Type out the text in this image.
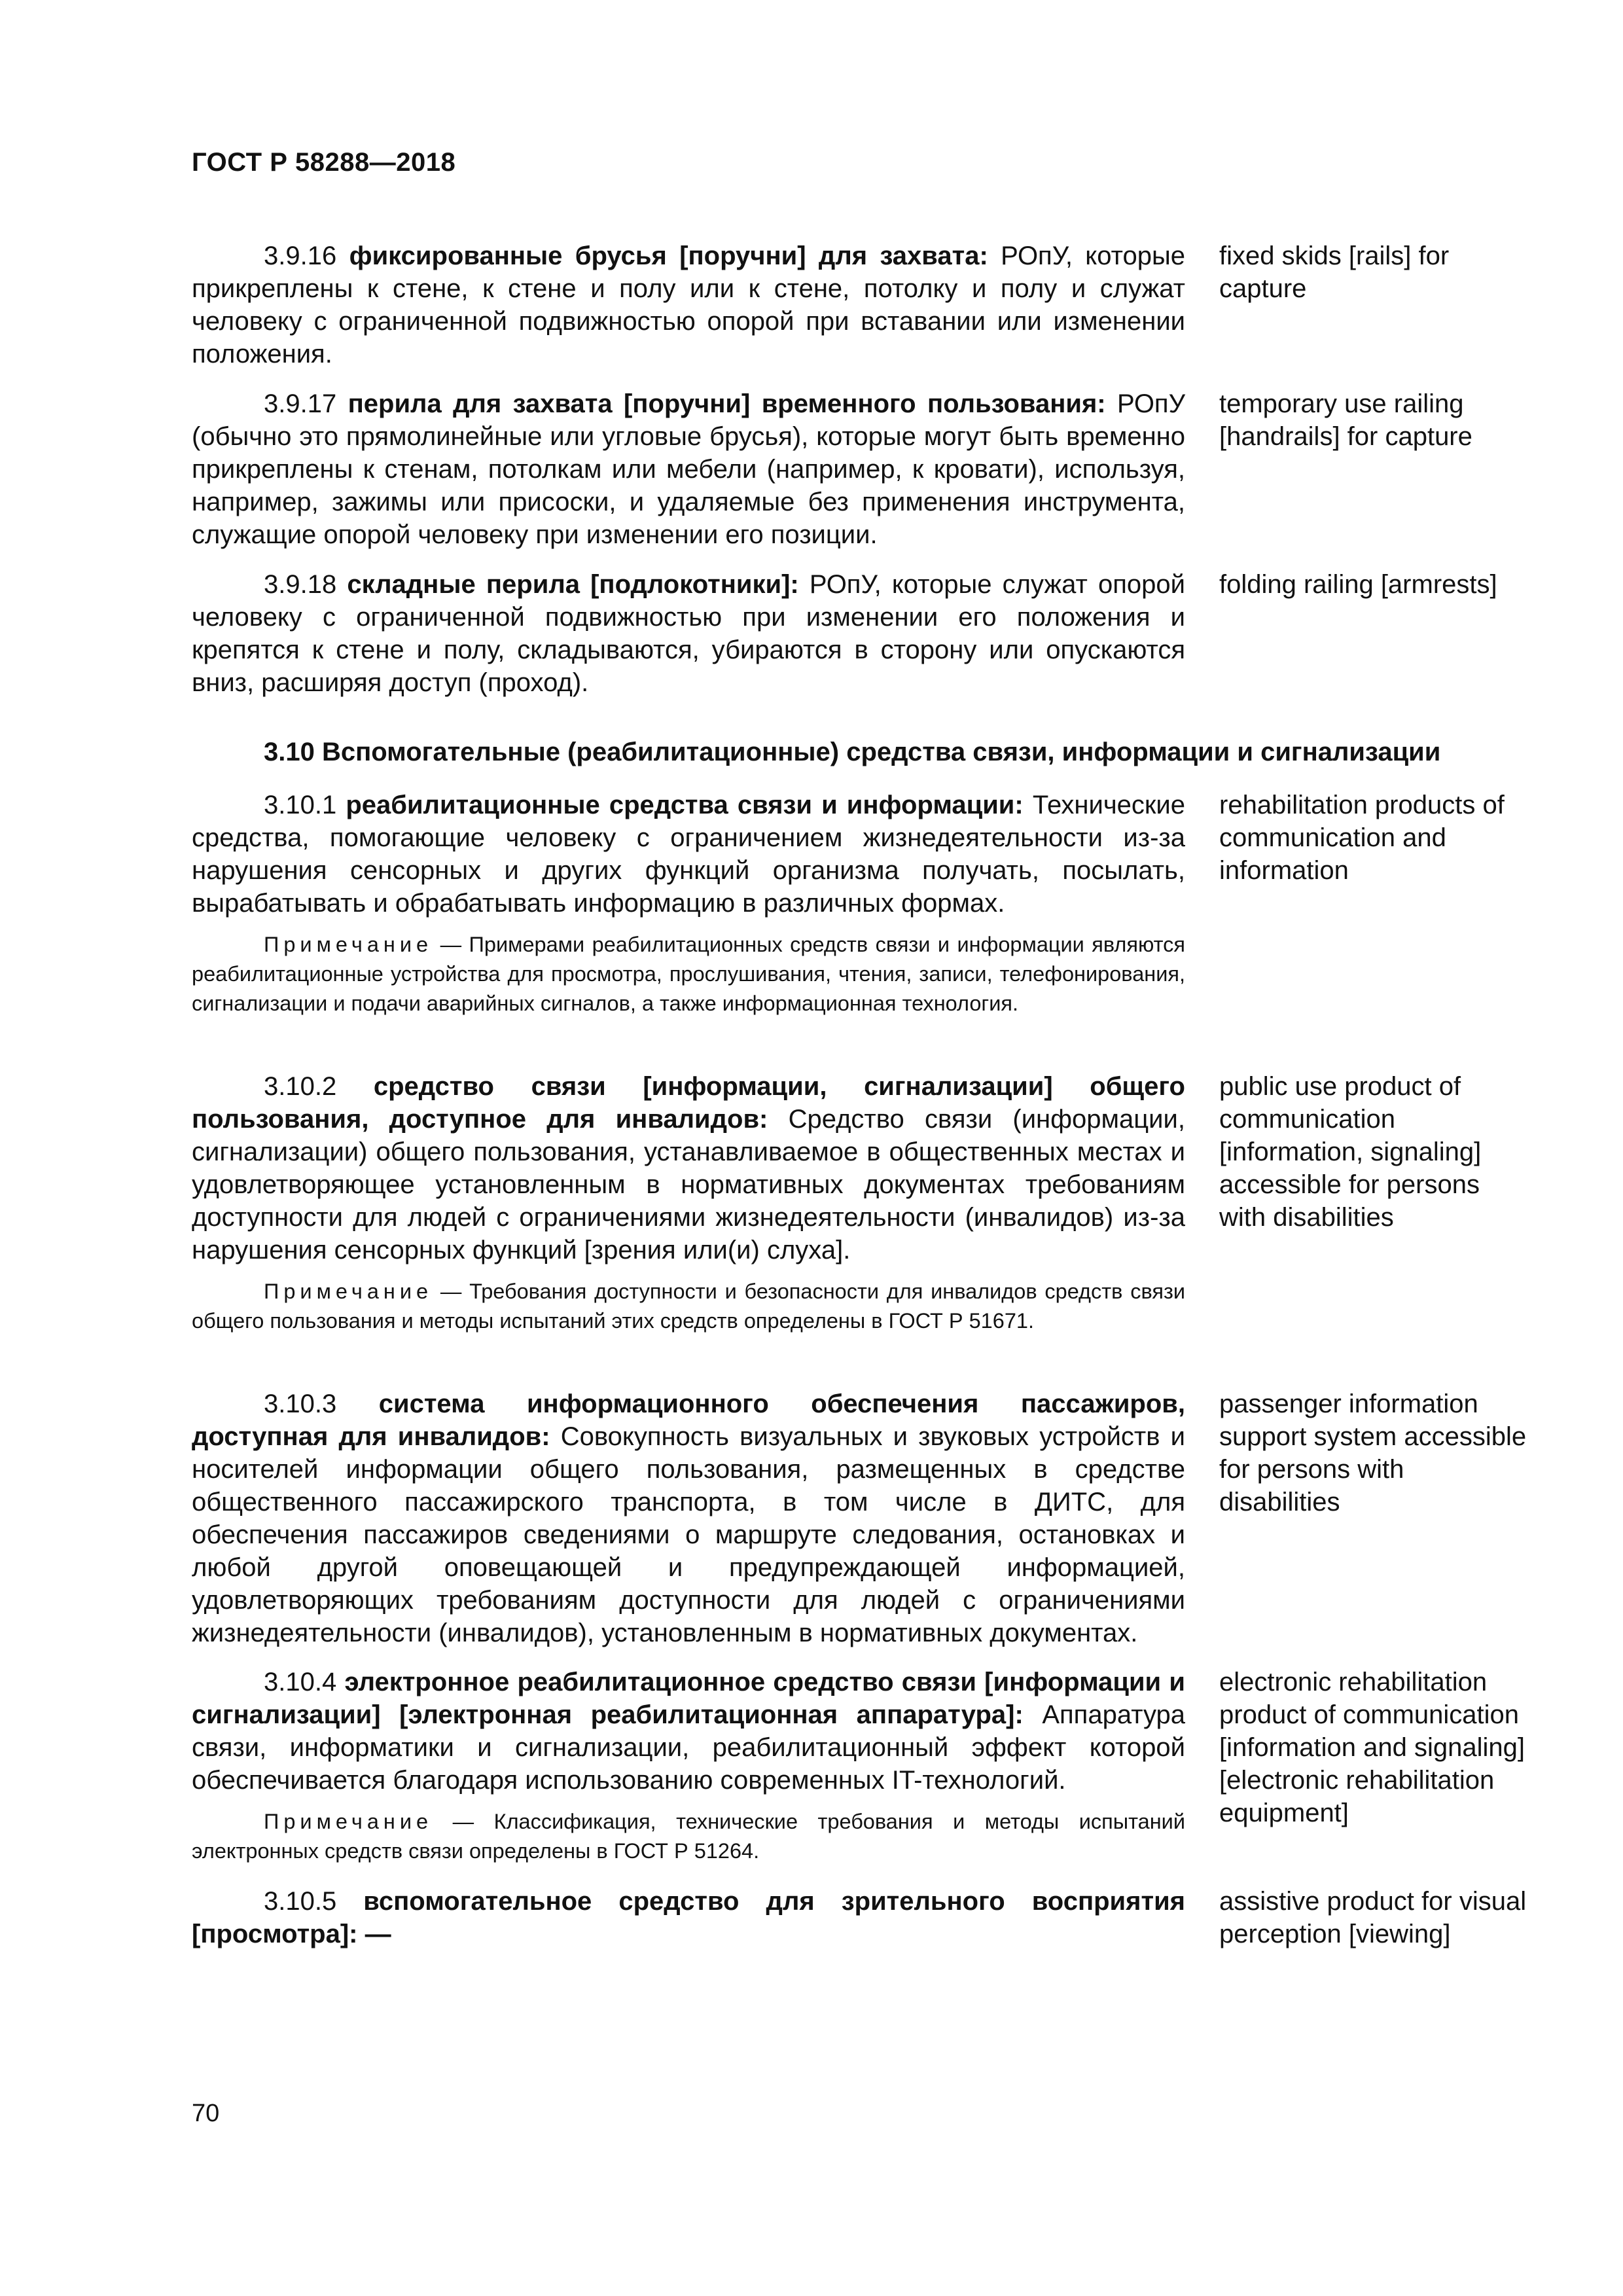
ГОСТ Р 58288—2018
3.9.16 фиксированные брусья [поручни] для захвата: РОпУ, которые прикреплены к стене, к стене и полу или к стене, потолку и полу и служат человеку с ограниченной подвижностью опорой при вставании или изменении положения.
fixed skids [rails] for capture
3.9.17 перила для захвата [поручни] временного пользования: РОпУ (обычно это прямолинейные или угловые брусья), которые могут быть временно прикреплены к стенам, потолкам или мебели (например, к кровати), используя, например, зажимы или присоски, и удаляемые без применения инструмента, служащие опорой человеку при изменении его позиции.
temporary use railing [handrails] for capture
3.9.18 складные перила [подлокотники]: РОпУ, которые служат опорой человеку с ограниченной подвижностью при изменении его положения и крепятся к стене и полу, складываются, убираются в сторону или опускаются вниз, расширяя доступ (проход).
folding railing [armrests]
3.10 Вспомогательные (реабилитационные) средства связи, информации и сигнализации
3.10.1 реабилитационные средства связи и информации: Технические средства, помогающие человеку с ограничением жизнедеятельности из-за нарушения сенсорных и других функций организма получать, посылать, вырабатывать и обрабатывать информацию в различных формах.
Примечание — Примерами реабилитационных средств связи и информации являются реабилитационные устройства для просмотра, прослушивания, чтения, записи, телефонирования, сигнализации и подачи аварийных сигналов, а также информационная технология.
rehabilitation products of communication and information
3.10.2 средство связи [информации, сигнализации] общего пользования, доступное для инвалидов: Средство связи (информации, сигнализации) общего пользования, устанавливаемое в общественных местах и удовлетворяющее установленным в нормативных документах требованиям доступности для людей с ограничениями жизнедеятельности (инвалидов) из-за нарушения сенсорных функций [зрения или(и) слуха].
Примечание — Требования доступности и безопасности для инвалидов средств связи общего пользования и методы испытаний этих средств определены в ГОСТ Р 51671.
public use product of communication [information, signaling] accessible for persons with disabilities
3.10.3 система информационного обеспечения пассажиров, доступная для инвалидов: Совокупность визуальных и звуковых устройств и носителей информации общего пользования, размещенных в средстве общественного пассажирского транспорта, в том числе в ДИТС, для обеспечения пассажиров сведениями о маршруте следования, остановках и любой другой оповещающей и предупреждающей информацией, удовлетворяющих требованиям доступности для людей с ограничениями жизнедеятельности (инвалидов), установленным в нормативных документах.
passenger information support system accessible for persons with disabilities
3.10.4 электронное реабилитационное средство связи [информации и сигнализации] [электронная реабилитационная аппаратура]: Аппаратура связи, информатики и сигнализации, реабилитационный эффект которой обеспечивается благодаря использованию современных IT-технологий.
Примечание — Классификация, технические требования и методы испытаний электронных средств связи определены в ГОСТ Р 51264.
electronic rehabilitation product of communication [information and signaling] [electronic rehabilitation equipment]
3.10.5 вспомогательное средство для зрительного восприятия [просмотра]: —
assistive product for visual perception [viewing]
70
